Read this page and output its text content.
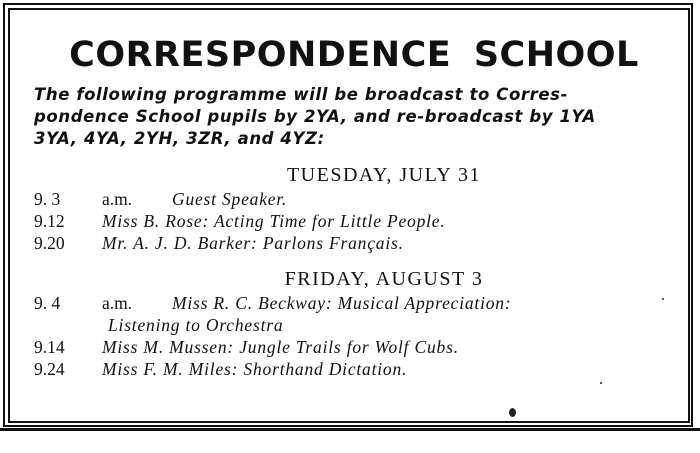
CORRESPONDENCE SCHOOL
The following programme will be broadcast to Corres-
pondence School pupils by 2YA, and re-broadcast by 1YA
3YA, 4YA, 2YH, 3ZR, and 4YZ:
TUESDAY, JULY 31
9. 3	a.m.	Guest Speaker.
9.12	Miss B. Rose: Acting Time for Little People.
9.20	Mr. A. J. D. Barker: Parlons Français.
FRIDAY, AUGUST 3
9. 4	a.m.	Miss R. C. Beckway: Musical Appreciation:
Listening to Orchestra
9.14	Miss M. Mussen: Jungle Trails for Wolf Cubs.
9.24	Miss F. M. Miles: Shorthand Dictation.
